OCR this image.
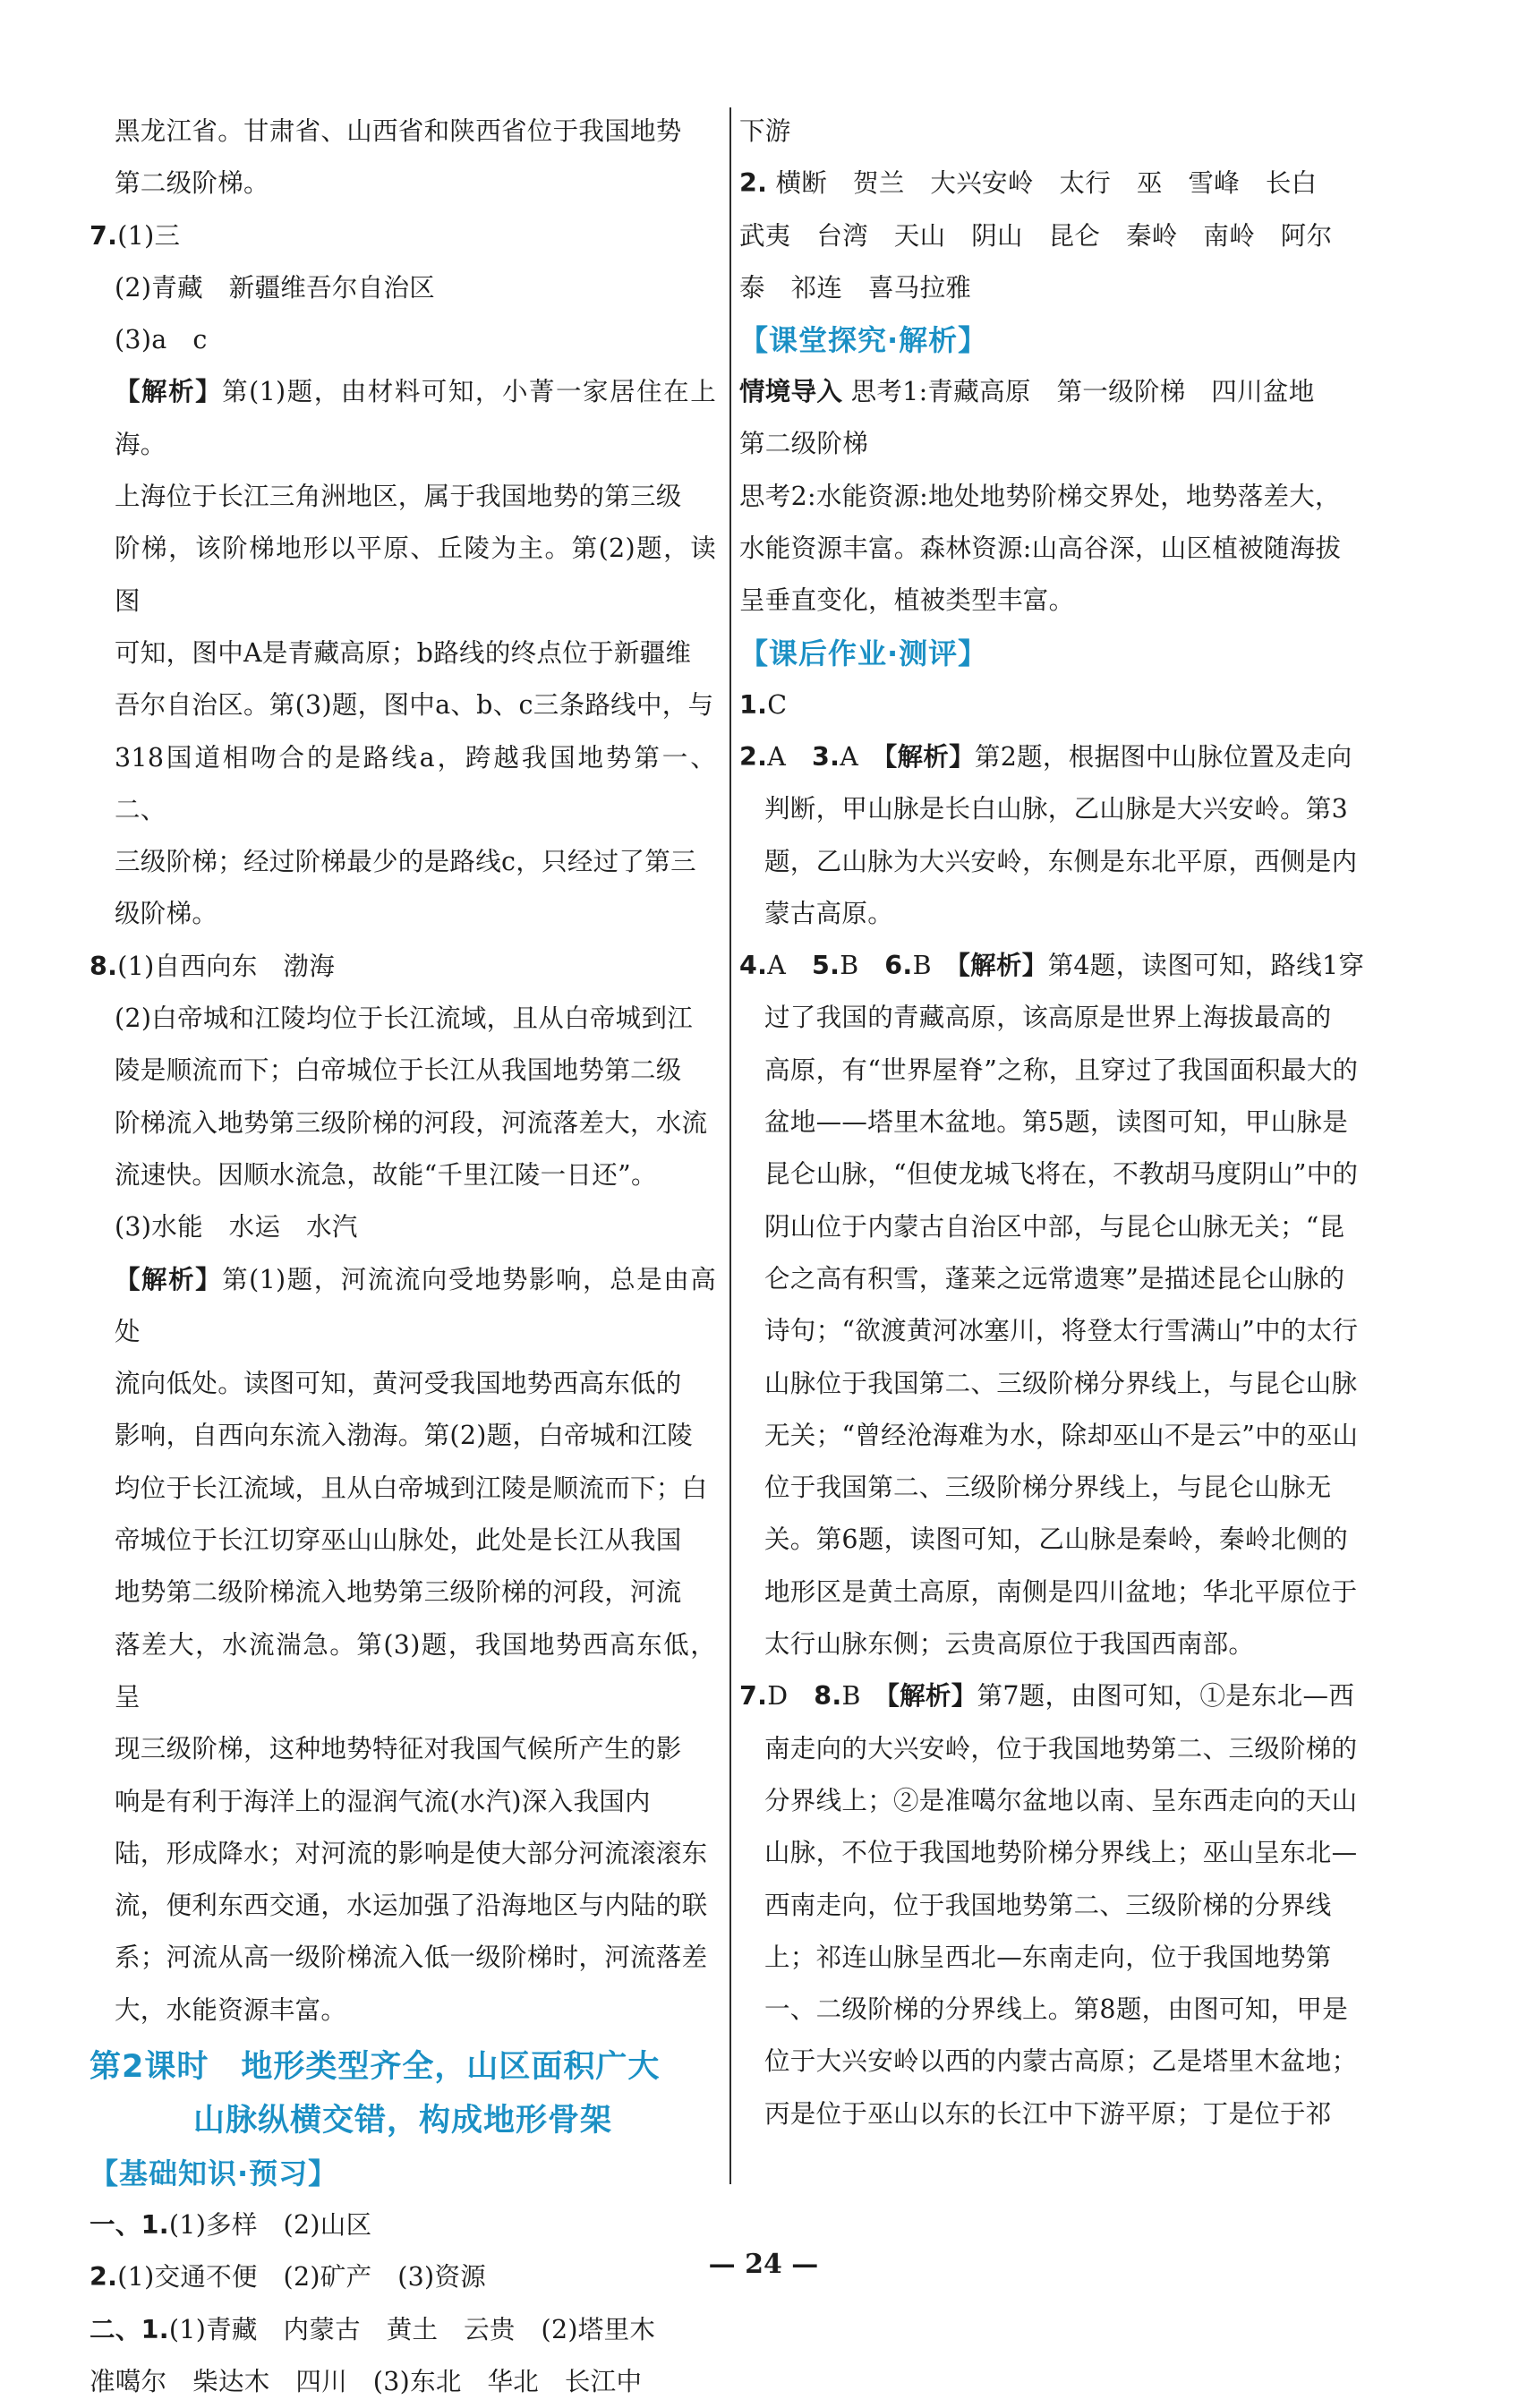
黑龙江省。甘肃省、山西省和陕西省位于我国地势

第二级阶梯。

7.(1)三

(2)青藏　新疆维吾尔自治区

(3)a　c

【解析】第(1)题，由材料可知，小菁一家居住在上海。

上海位于长江三角洲地区，属于我国地势的第三级

阶梯，该阶梯地形以平原、丘陵为主。第(2)题，读图

可知，图中A是青藏高原；b路线的终点位于新疆维

吾尔自治区。第(3)题，图中a、b、c三条路线中，与

318国道相吻合的是路线a，跨越我国地势第一、二、

三级阶梯；经过阶梯最少的是路线c，只经过了第三

级阶梯。

8.(1)自西向东　渤海

(2)白帝城和江陵均位于长江流域，且从白帝城到江

陵是顺流而下；白帝城位于长江从我国地势第二级

阶梯流入地势第三级阶梯的河段，河流落差大，水流

流速快。因顺水流急，故能“千里江陵一日还”。

(3)水能　水运　水汽

【解析】第(1)题，河流流向受地势影响，总是由高处

流向低处。读图可知，黄河受我国地势西高东低的

影响，自西向东流入渤海。第(2)题，白帝城和江陵

均位于长江流域，且从白帝城到江陵是顺流而下；白

帝城位于长江切穿巫山山脉处，此处是长江从我国

地势第二级阶梯流入地势第三级阶梯的河段，河流

落差大，水流湍急。第(3)题，我国地势西高东低，呈

现三级阶梯，这种地势特征对我国气候所产生的影

响是有利于海洋上的湿润气流(水汽)深入我国内

陆，形成降水；对河流的影响是使大部分河流滚滚东

流，便利东西交通，水运加强了沿海地区与内陆的联

系；河流从高一级阶梯流入低一级阶梯时，河流落差

大，水能资源丰富。

第2课时　地形类型齐全，山区面积广大
山脉纵横交错，构成地形骨架
【基础知识·预习】

一、1.(1)多样　(2)山区

2.(1)交通不便　(2)矿产　(3)资源

二、1.(1)青藏　内蒙古　黄土　云贵　(2)塔里木

准噶尔　柴达木　四川　(3)东北　华北　长江中

下游

2. 横断　贺兰　大兴安岭　太行　巫　雪峰　长白

武夷　台湾　天山　阴山　昆仑　秦岭　南岭　阿尔

泰　祁连　喜马拉雅

【课堂探究·解析】

情境导入 思考1:青藏高原　第一级阶梯　四川盆地

第二级阶梯

思考2:水能资源:地处地势阶梯交界处，地势落差大，

水能资源丰富。森林资源:山高谷深，山区植被随海拔

呈垂直变化，植被类型丰富。

【课后作业·测评】

1.C

2.A　 3.A　 【解析】第2题，根据图中山脉位置及走向

判断，甲山脉是长白山脉，乙山脉是大兴安岭。第3

题，乙山脉为大兴安岭，东侧是东北平原，西侧是内

蒙古高原。

4.A　 5.B　 6.B　 【解析】第4题，读图可知，路线1穿

过了我国的青藏高原，该高原是世界上海拔最高的

高原，有“世界屋脊”之称，且穿过了我国面积最大的

盆地——塔里木盆地。第5题，读图可知，甲山脉是

昆仑山脉，“但使龙城飞将在，不教胡马度阴山”中的

阴山位于内蒙古自治区中部，与昆仑山脉无关；“昆

仑之高有积雪，蓬莱之远常遗寒”是描述昆仑山脉的

诗句；“欲渡黄河冰塞川，将登太行雪满山”中的太行

山脉位于我国第二、三级阶梯分界线上，与昆仑山脉

无关；“曾经沧海难为水，除却巫山不是云”中的巫山

位于我国第二、三级阶梯分界线上，与昆仑山脉无

关。第6题，读图可知，乙山脉是秦岭，秦岭北侧的

地形区是黄土高原，南侧是四川盆地；华北平原位于

太行山脉东侧；云贵高原位于我国西南部。

7.D　 8.B　 【解析】第7题，由图可知，①是东北—西

南走向的大兴安岭，位于我国地势第二、三级阶梯的

分界线上；②是准噶尔盆地以南、呈东西走向的天山

山脉，不位于我国地势阶梯分界线上；巫山呈东北—

西南走向，位于我国地势第二、三级阶梯的分界线

上；祁连山脉呈西北—东南走向，位于我国地势第

一、二级阶梯的分界线上。第8题，由图可知，甲是

位于大兴安岭以西的内蒙古高原；乙是塔里木盆地；

丙是位于巫山以东的长江中下游平原；丁是位于祁

— 24 —
